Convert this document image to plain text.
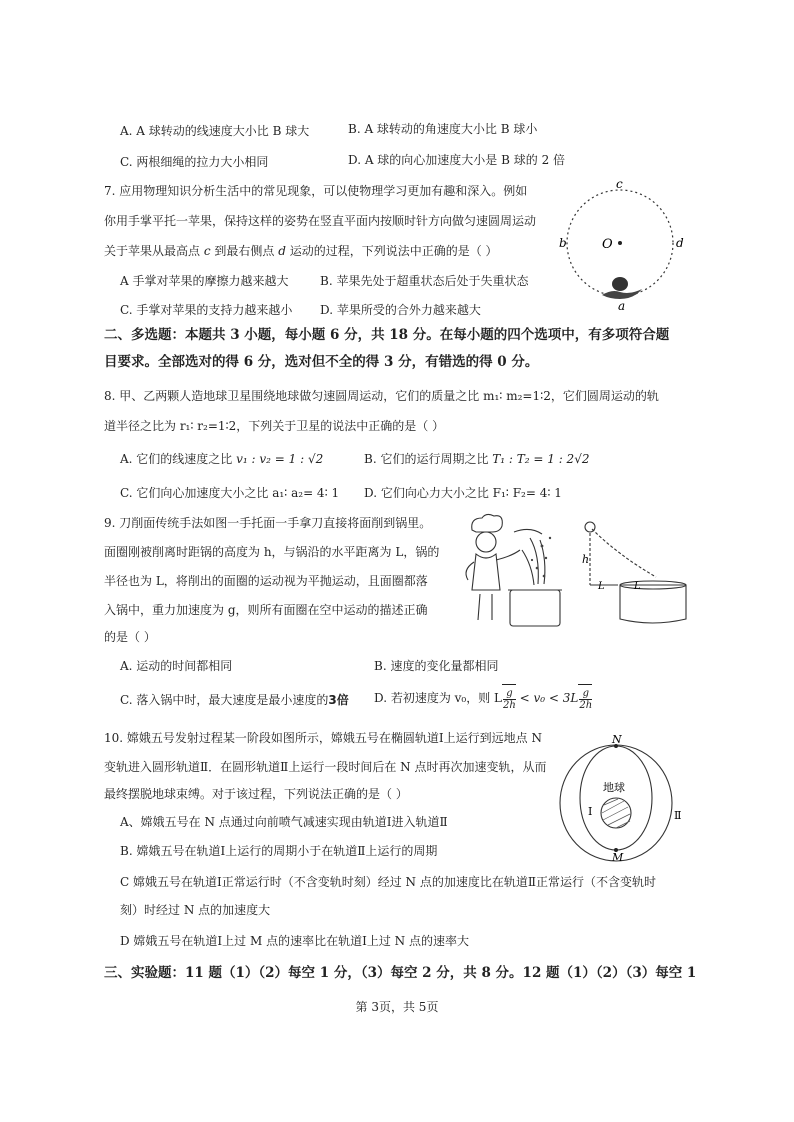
A. A 球转动的线速度大小比 B 球大	B. A 球转动的角速度大小比 B 球小
C. 两根细绳的拉力大小相同	D. A 球的向心加速度大小是 B 球的 2 倍
7. 应用物理知识分析生活中的常见现象，可以使物理学习更加有趣和深入。例如
你用手掌平托一苹果，保持这样的姿势在竖直平面内按顺时针方向做匀速圆周运动
关于苹果从最高点 c 到最右侧点 d 运动的过程，下列说法中正确的是（ ）
A 手掌对苹果的摩擦力越来越大	B. 苹果先处于超重状态后处于失重状态
C. 手掌对苹果的支持力越来越小 D. 苹果所受的合外力越来越大
O
c
b	d
a
二、多选题：本题共 3 小题，每小题 6 分，共 18 分。在每小题的四个选项中，有多项符合题
目要求。全部选对的得 6 分，选对但不全的得 3 分，有错选的得 0 分。
8. 甲、乙两颗人造地球卫星围绕地球做匀速圆周运动，它们的质量之比 m₁∶ m₂=1∶2，它们圆周运动的轨
道半径之比为 r₁∶ r₂=1∶2，下列关于卫星的说法中正确的是（ ）
A. 它们的线速度之比 v₁ : v₂ = 1 : √2	B. 它们的运行周期之比 T₁ : T₂ = 1 : 2√2
C. 它们向心加速度大小之比 a₁∶ a₂= 4∶ 1 D. 它们向心力大小之比 F₁∶ F₂= 4∶ 1
9. 刀削面传统手法如图一手托面一手拿刀直接将面削到锅里。
面圈刚被削离时距锅的高度为 h，与锅沿的水平距离为 L，锅的
半径也为 L，将削出的面圈的运动视为平抛运动，且面圈都落
入锅中，重力加速度为 g，则所有面圈在空中运动的描述正确
的是（ ）
h
L	L
A. 运动的时间都相同	B. 速度的变化量都相同
C. 落入锅中时，最大速度是最小速度的3倍 D. 若初速度为 v₀，则 L $\frac{g}{2h} < v_0 < 3L \frac{g}{2h}$
10. 嫦娥五号发射过程某一阶段如图所示，嫦娥五号在椭圆轨道Ⅰ上运行到远地点 N
变轨进入圆形轨道Ⅱ．在圆形轨道Ⅱ上运行一段时间后在 N 点时再次加速变轨，从而
最终摆脱地球束缚。对于该过程，下列说法正确的是（ ）
A、嫦娥五号在 N 点通过向前喷气减速实现由轨道Ⅰ进入轨道Ⅱ
B. 嫦娥五号在轨道Ⅰ上运行的周期小于在轨道Ⅱ上运行的周期
C 嫦娥五号在轨道Ⅰ正常运行时（不含变轨时刻）经过 N 点的加速度比在轨道Ⅱ正常运行（不含变轨时
刻）时经过 N 点的加速度大
D 嫦娥五号在轨道Ⅰ上过 M 点的速率比在轨道Ⅰ上过 N 点的速率大
N
M
地球
Ⅰ	Ⅱ
三、实验题：11 题（1）（2）每空 1 分，（3）每空 2 分，共 8 分。12 题（1）（2）（3）每空 1
第 3页，共 5页
